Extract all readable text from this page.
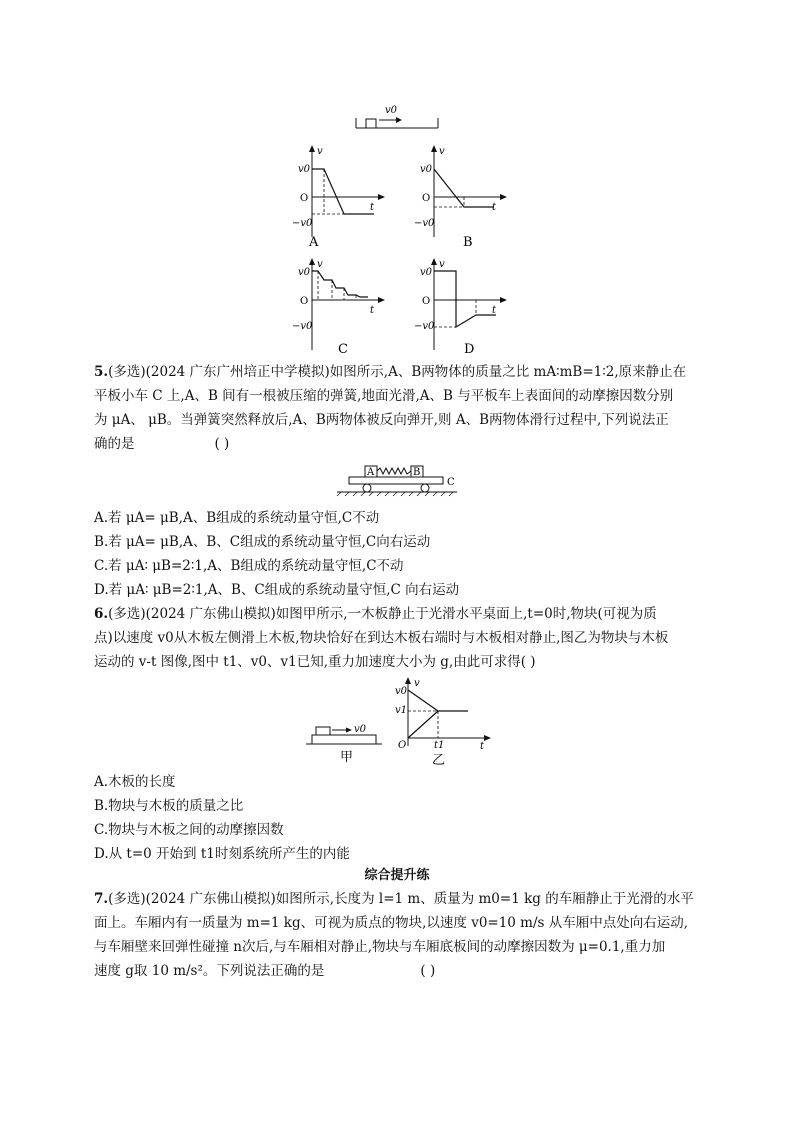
v0
v
t
v0
O
−v0
A
v
t
v0
O
−v0
B
v
t
v0
O
−v0
C
v
t
v0
O
−v0
D
5.(多选)(2024 广东广州培正中学模拟)如图所示,A、B两物体的质量之比 mA∶mB=1∶2,原来静止在
平板小车 C 上,A、B 间有一根被压缩的弹簧,地面光滑,A、B 与平板车上表面间的动摩擦因数分别
为 μA、 μB。当弹簧突然释放后,A、B两物体被反向弹开,则 A、B两物体滑行过程中,下列说法正
确的是	( )
A	B
C
A.若 μA= μB,A、B组成的系统动量守恒,C不动
B.若 μA= μB,A、B、C组成的系统动量守恒,C向右运动
C.若 μA∶ μB=2∶1,A、B组成的系统动量守恒,C不动
D.若 μA∶ μB=2∶1,A、B、C组成的系统动量守恒,C 向右运动
6.(多选)(2024 广东佛山模拟)如图甲所示,一木板静止于光滑水平桌面上,t=0时,物块(可视为质
点)以速度 v0从木板左侧滑上木板,物块恰好在到达木板右端时与木板相对静止,图乙为物块与木板
运动的 v-t 图像,图中 t1、v0、v1已知,重力加速度大小为 g,由此可求得( )
v0
甲
v
t
v0
v1
O	t1
乙
A.木板的长度
B.物块与木板的质量之比
C.物块与木板之间的动摩擦因数
D.从 t=0 开始到 t1时刻系统所产生的内能
综合提升练
7.(多选)(2024 广东佛山模拟)如图所示,长度为 l=1 m、质量为 m0=1 kg 的车厢静止于光滑的水平
面上。车厢内有一质量为 m=1 kg、可视为质点的物块,以速度 v0=10 m/s 从车厢中点处向右运动,
与车厢壁来回弹性碰撞 n次后,与车厢相对静止,物块与车厢底板间的动摩擦因数为 μ=0.1,重力加
速度 g取 10 m/s²。下列说法正确的是	( )
